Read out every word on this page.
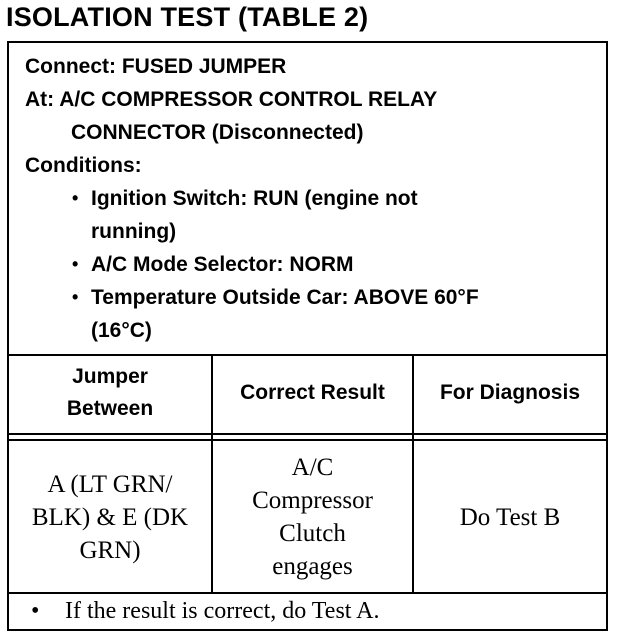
ISOLATION TEST (TABLE 2)
Connect: FUSED JUMPER
At: A/C COMPRESSOR CONTROL RELAY
CONNECTOR (Disconnected)
Conditions:
• Ignition Switch: RUN (engine not
running)
• A/C Mode Selector: NORM
• Temperature Outside Car: ABOVE 60°F
(16°C)
Jumper
Between
Correct Result	For Diagnosis
A (LT GRN/
BLK) & E (DK
GRN)
A/C
Compressor
Clutch
engages
Do Test B
• If the result is correct, do Test A.
